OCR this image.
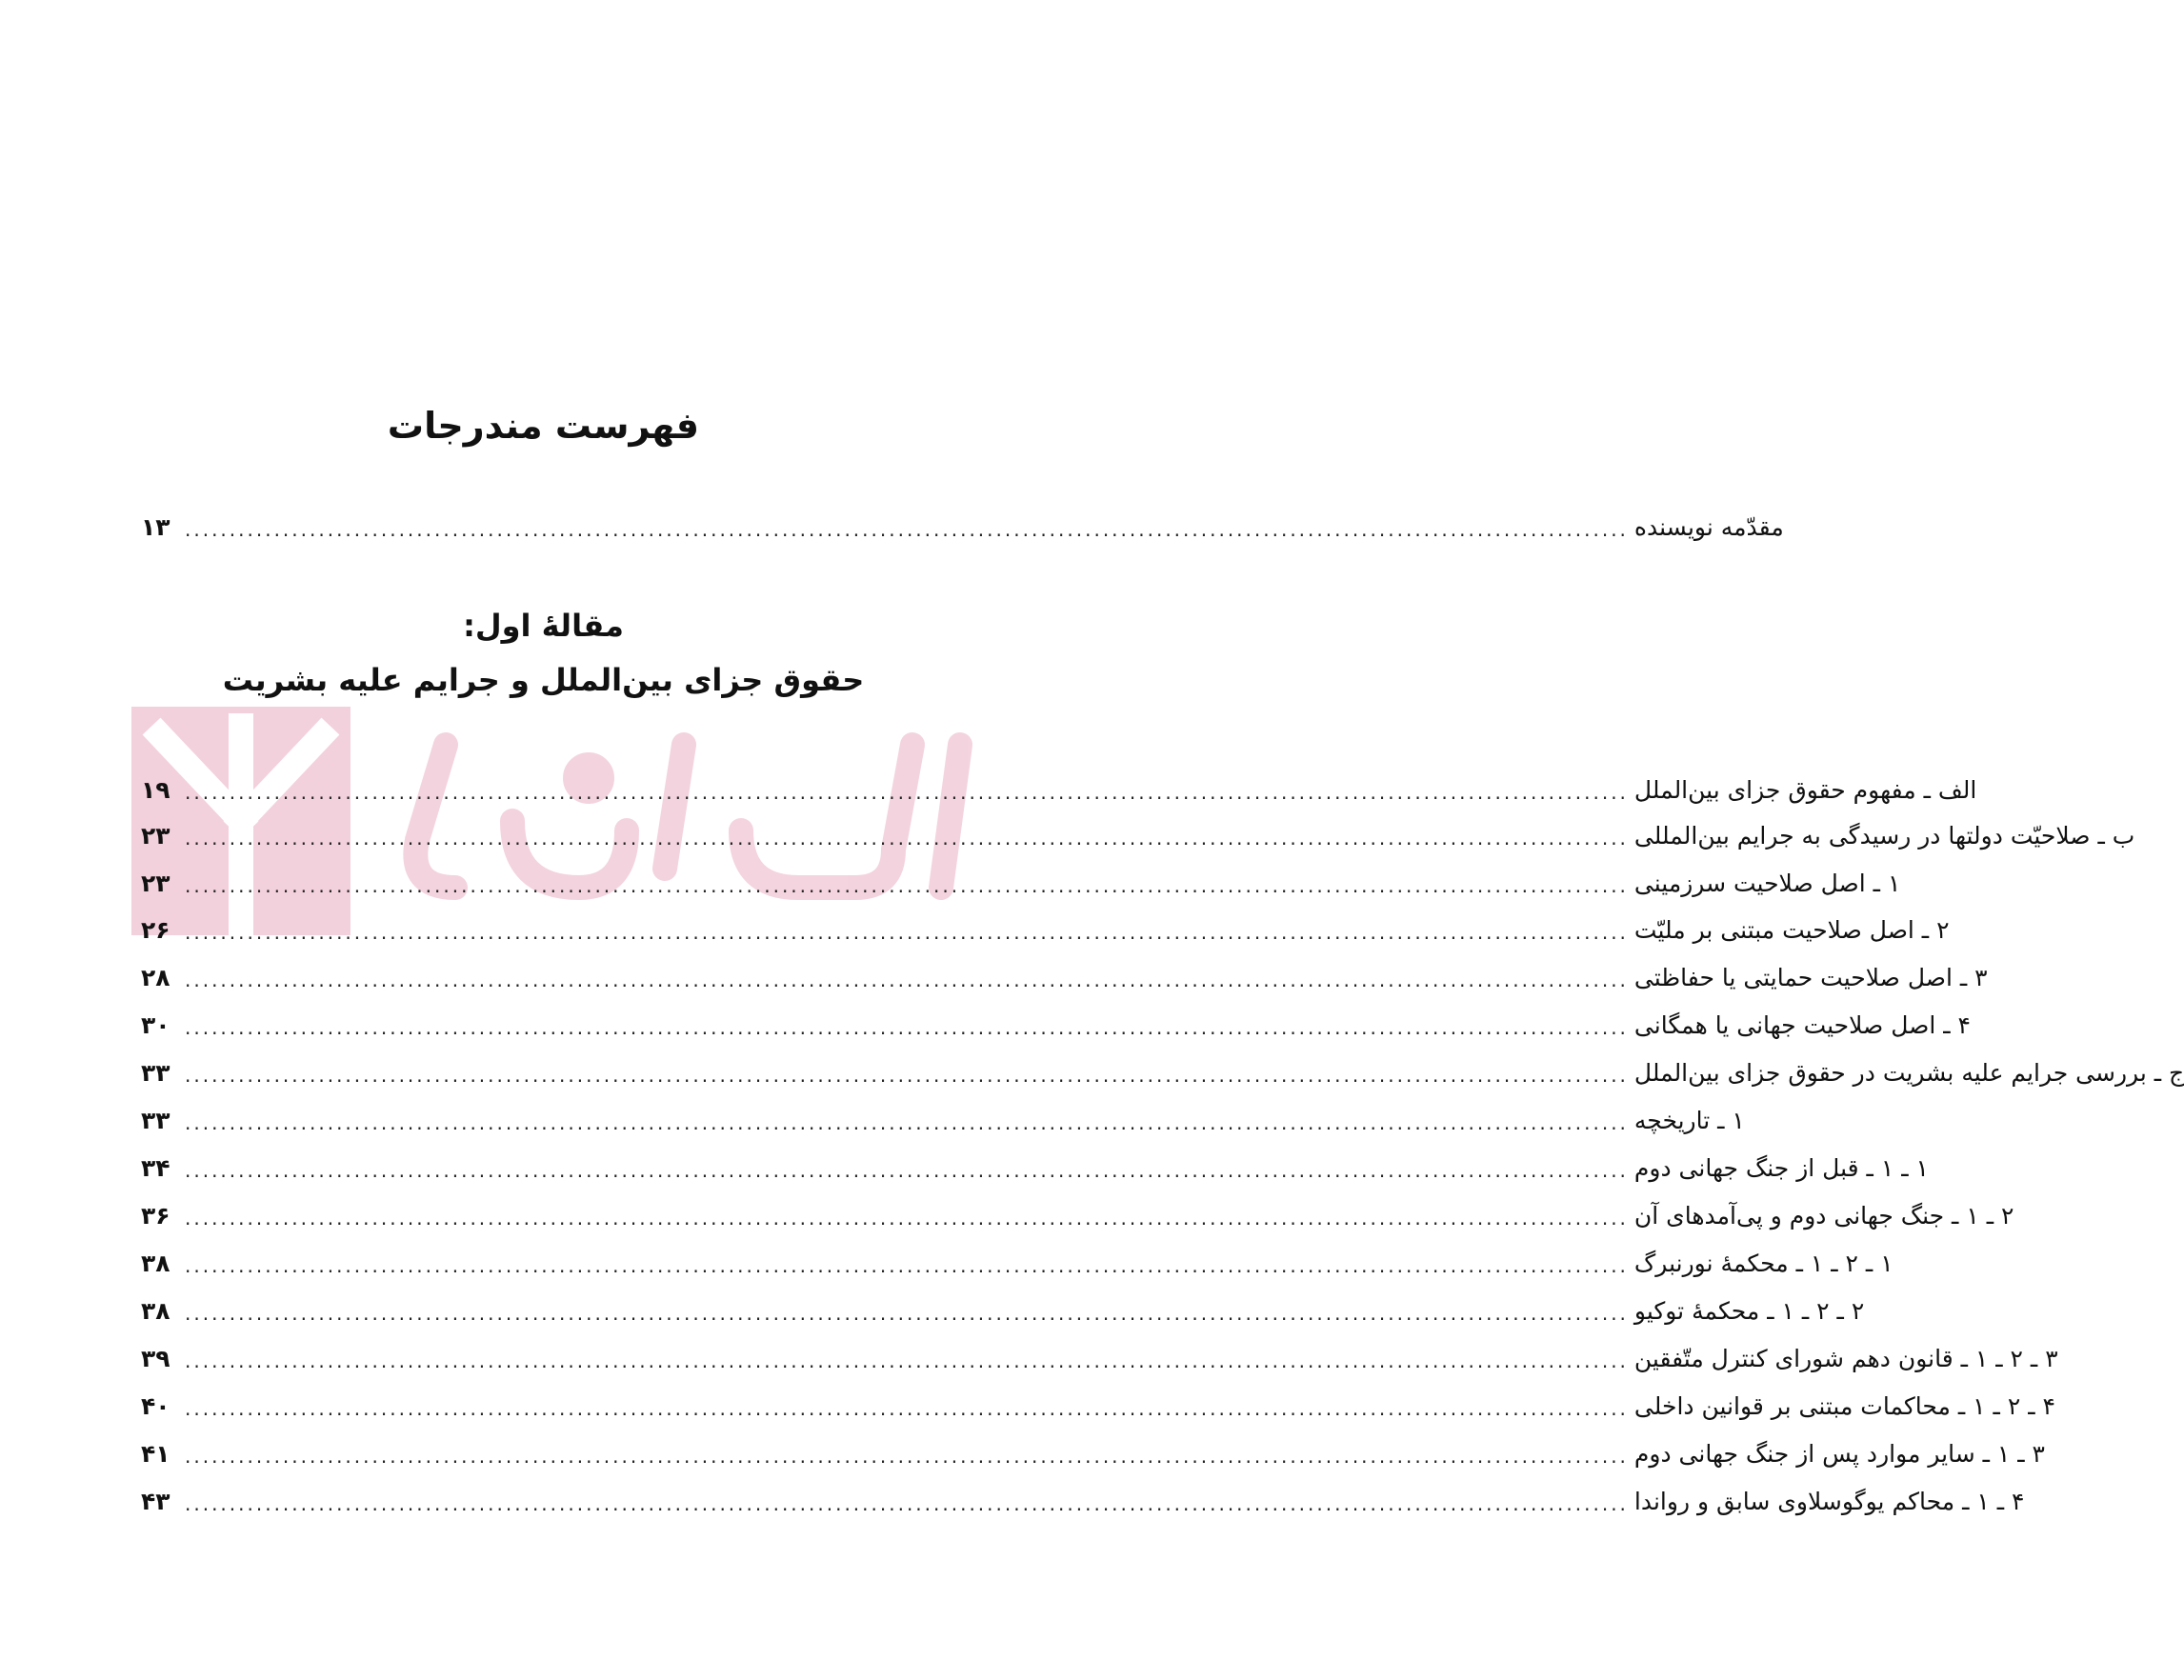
فهرست مندرجات
۱۳ .................................................................................................................................................................. مقدّمه نویسنده
مقالهٔ اول:
حقوق جزای بین‌الملل و جرایم علیه بشریت
۱۹ .................................................................................................................................................................. الف ـ مفهوم حقوق جزای بین‌الملل
۲۳ .................................................................................................................................................................. ب ـ صلاحیّت دولتها در رسیدگی به جرایم بین‌المللی
۲۳ .................................................................................................................................................................. ۱ ـ اصل صلاحیت سرزمینی
۲۶ .................................................................................................................................................................. ۲ ـ اصل صلاحیت مبتنی بر ملیّت
۲۸ .................................................................................................................................................................. ۳ ـ اصل صلاحیت حمایتی یا حفاظتی
۳۰ .................................................................................................................................................................. ۴ ـ اصل صلاحیت جهانی یا همگانی
۳۳ .................................................................................................................................................................. ج ـ بررسی جرایم علیه بشریت در حقوق جزای بین‌الملل
۳۳ .................................................................................................................................................................. ۱ ـ تاریخچه
۳۴ .................................................................................................................................................................. ۱ ـ ۱ ـ قبل از جنگ جهانی دوم
۳۶ .................................................................................................................................................................. ۲ ـ ۱ ـ جنگ جهانی دوم و پی‌آمدهای آن
۳۸ .................................................................................................................................................................. ۱ ـ ۲ ـ ۱ ـ محکمهٔ نورنبرگ
۳۸ .................................................................................................................................................................. ۲ ـ ۲ ـ ۱ ـ محکمهٔ توکیو
۳۹ .................................................................................................................................................................. ۳ ـ ۲ ـ ۱ ـ قانون دهم شورای کنترل متّفقین
۴۰ .................................................................................................................................................................. ۴ ـ ۲ ـ ۱ ـ محاکمات مبتنی بر قوانین داخلی
۴۱ .................................................................................................................................................................. ۳ ـ ۱ ـ سایر موارد پس از جنگ جهانی دوم
۴۳ .................................................................................................................................................................. ۴ ـ ۱ ـ محاکم یوگوسلاوی سابق و رواندا
